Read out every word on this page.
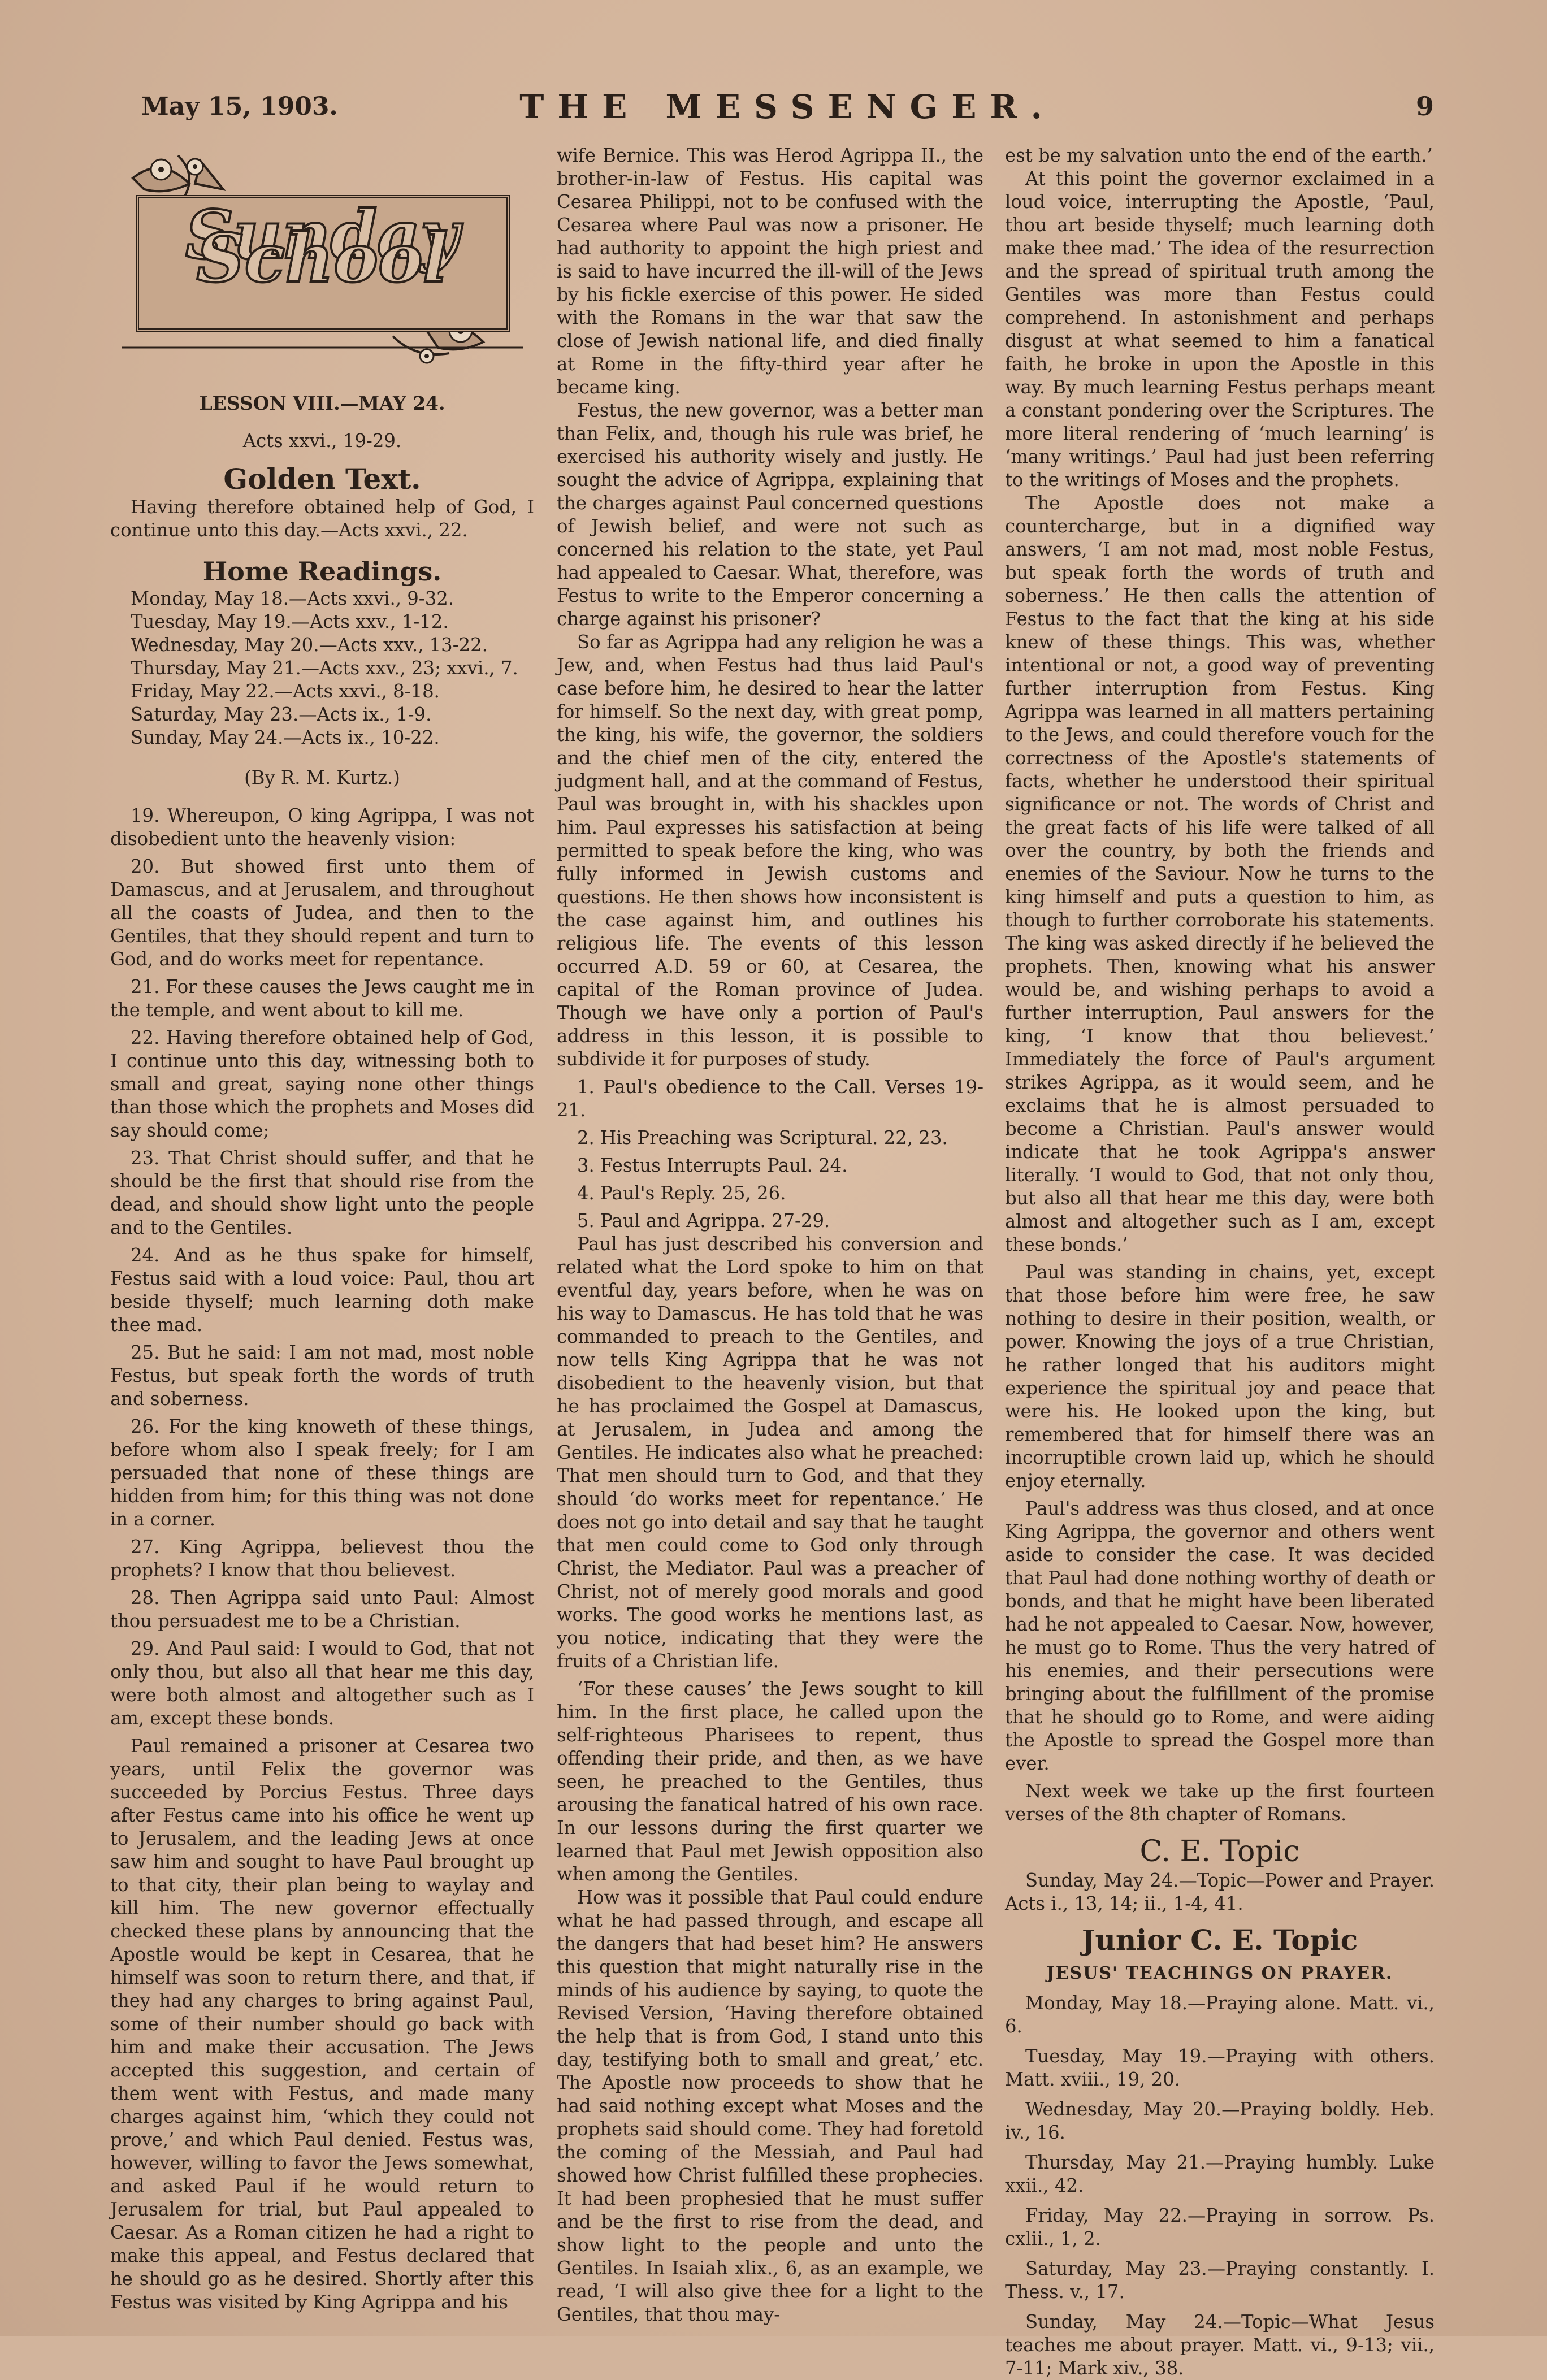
May 15, 1903.	THE MESSENGER.	9
Sunday School

LESSON VIII.—MAY 24.

Acts xxvi., 19-29.

Golden Text.

Having therefore obtained help of God, I continue unto this day.—Acts xxvi., 22.

Home Readings.

Monday, May 18.—Acts xxvi., 9-32.

Tuesday, May 19.—Acts xxv., 1-12.

Wednesday, May 20.—Acts xxv., 13-22.

Thursday, May 21.—Acts xxv., 23; xxvi., 7.

Friday, May 22.—Acts xxvi., 8-18.

Saturday, May 23.—Acts ix., 1-9.

Sunday, May 24.—Acts ix., 10-22.

(By R. M. Kurtz.)

19. Whereupon, O king Agrippa, I was not disobedient unto the heavenly vision:

20. But showed first unto them of Damascus, and at Jerusalem, and throughout all the coasts of Judea, and then to the Gentiles, that they should repent and turn to God, and do works meet for repentance.

21. For these causes the Jews caught me in the temple, and went about to kill me.

22. Having therefore obtained help of God, I continue unto this day, witnessing both to small and great, saying none other things than those which the prophets and Moses did say should come;

23. That Christ should suffer, and that he should be the first that should rise from the dead, and should show light unto the people and to the Gentiles.

24. And as he thus spake for himself, Festus said with a loud voice: Paul, thou art beside thyself; much learning doth make thee mad.

25. But he said: I am not mad, most noble Festus, but speak forth the words of truth and soberness.

26. For the king knoweth of these things, before whom also I speak freely; for I am persuaded that none of these things are hidden from him; for this thing was not done in a corner.

27. King Agrippa, believest thou the prophets? I know that thou believest.

28. Then Agrippa said unto Paul: Almost thou persuadest me to be a Christian.

29. And Paul said: I would to God, that not only thou, but also all that hear me this day, were both almost and altogether such as I am, except these bonds.

Paul remained a prisoner at Cesarea two years, until Felix the governor was succeeded by Porcius Festus. Three days after Festus came into his office he went up to Jerusalem, and the leading Jews at once saw him and sought to have Paul brought up to that city, their plan being to waylay and kill him. The new governor effectually checked these plans by announcing that the Apostle would be kept in Cesarea, that he himself was soon to return there, and that, if they had any charges to bring against Paul, some of their number should go back with him and make their accusation. The Jews accepted this suggestion, and certain of them went with Festus, and made many charges against him, ‘which they could not prove,’ and which Paul denied. Festus was, however, willing to favor the Jews somewhat, and asked Paul if he would return to Jerusalem for trial, but Paul appealed to Caesar. As a Roman citizen he had a right to make this appeal, and Festus declared that he should go as he desired. Shortly after this Festus was visited by King Agrippa and his

wife Bernice. This was Herod Agrippa II., the brother-in-law of Festus. His capital was Cesarea Philippi, not to be confused with the Cesarea where Paul was now a prisoner. He had authority to appoint the high priest and is said to have incurred the ill-will of the Jews by his fickle exercise of this power. He sided with the Romans in the war that saw the close of Jewish national life, and died finally at Rome in the fifty-third year after he became king.

Festus, the new governor, was a better man than Felix, and, though his rule was brief, he exercised his authority wisely and justly. He sought the advice of Agrippa, explaining that the charges against Paul concerned questions of Jewish belief, and were not such as concerned his relation to the state, yet Paul had appealed to Caesar. What, therefore, was Festus to write to the Emperor concerning a charge against his prisoner?

So far as Agrippa had any religion he was a Jew, and, when Festus had thus laid Paul's case before him, he desired to hear the latter for himself. So the next day, with great pomp, the king, his wife, the governor, the soldiers and the chief men of the city, entered the judgment hall, and at the command of Festus, Paul was brought in, with his shackles upon him. Paul expresses his satisfaction at being permitted to speak before the king, who was fully informed in Jewish customs and questions. He then shows how inconsistent is the case against him, and outlines his religious life. The events of this lesson occurred A.D. 59 or 60, at Cesarea, the capital of the Roman province of Judea. Though we have only a portion of Paul's address in this lesson, it is possible to subdivide it for purposes of study.

1. Paul's obedience to the Call. Verses 19-21.

2. His Preaching was Scriptural. 22, 23.

3. Festus Interrupts Paul. 24.

4. Paul's Reply. 25, 26.

5. Paul and Agrippa. 27-29.

Paul has just described his conversion and related what the Lord spoke to him on that eventful day, years before, when he was on his way to Damascus. He has told that he was commanded to preach to the Gentiles, and now tells King Agrippa that he was not disobedient to the heavenly vision, but that he has proclaimed the Gospel at Damascus, at Jerusalem, in Judea and among the Gentiles. He indicates also what he preached: That men should turn to God, and that they should ‘do works meet for repentance.’ He does not go into detail and say that he taught that men could come to God only through Christ, the Mediator. Paul was a preacher of Christ, not of merely good morals and good works. The good works he mentions last, as you notice, indicating that they were the fruits of a Christian life.

‘For these causes’ the Jews sought to kill him. In the first place, he called upon the self-righteous Pharisees to repent, thus offending their pride, and then, as we have seen, he preached to the Gentiles, thus arousing the fanatical hatred of his own race. In our lessons during the first quarter we learned that Paul met Jewish opposition also when among the Gentiles.

How was it possible that Paul could endure what he had passed through, and escape all the dangers that had beset him? He answers this question that might naturally rise in the minds of his audience by saying, to quote the Revised Version, ‘Having therefore obtained the help that is from God, I stand unto this day, testifying both to small and great,’ etc. The Apostle now proceeds to show that he had said nothing except what Moses and the prophets said should come. They had foretold the coming of the Messiah, and Paul had showed how Christ fulfilled these prophecies. It had been prophesied that he must suffer and be the first to rise from the dead, and show light to the people and unto the Gentiles. In Isaiah xlix., 6, as an example, we read, ‘I will also give thee for a light to the Gentiles, that thou may-

est be my salvation unto the end of the earth.’

At this point the governor exclaimed in a loud voice, interrupting the Apostle, ‘Paul, thou art beside thyself; much learning doth make thee mad.’ The idea of the resurrection and the spread of spiritual truth among the Gentiles was more than Festus could comprehend. In astonishment and perhaps disgust at what seemed to him a fanatical faith, he broke in upon the Apostle in this way. By much learning Festus perhaps meant a constant pondering over the Scriptures. The more literal rendering of ‘much learning’ is ‘many writings.’ Paul had just been referring to the writings of Moses and the prophets.

The Apostle does not make a countercharge, but in a dignified way answers, ‘I am not mad, most noble Festus, but speak forth the words of truth and soberness.’ He then calls the attention of Festus to the fact that the king at his side knew of these things. This was, whether intentional or not, a good way of preventing further interruption from Festus. King Agrippa was learned in all matters pertaining to the Jews, and could therefore vouch for the correctness of the Apostle's statements of facts, whether he understood their spiritual significance or not. The words of Christ and the great facts of his life were talked of all over the country, by both the friends and enemies of the Saviour. Now he turns to the king himself and puts a question to him, as though to further corroborate his statements. The king was asked directly if he believed the prophets. Then, knowing what his answer would be, and wishing perhaps to avoid a further interruption, Paul answers for the king, ‘I know that thou believest.’ Immediately the force of Paul's argument strikes Agrippa, as it would seem, and he exclaims that he is almost persuaded to become a Christian. Paul's answer would indicate that he took Agrippa's answer literally. ‘I would to God, that not only thou, but also all that hear me this day, were both almost and altogether such as I am, except these bonds.’

Paul was standing in chains, yet, except that those before him were free, he saw nothing to desire in their position, wealth, or power. Knowing the joys of a true Christian, he rather longed that his auditors might experience the spiritual joy and peace that were his. He looked upon the king, but remembered that for himself there was an incorruptible crown laid up, which he should enjoy eternally.

Paul's address was thus closed, and at once King Agrippa, the governor and others went aside to consider the case. It was decided that Paul had done nothing worthy of death or bonds, and that he might have been liberated had he not appealed to Caesar. Now, however, he must go to Rome. Thus the very hatred of his enemies, and their persecutions were bringing about the fulfillment of the promise that he should go to Rome, and were aiding the Apostle to spread the Gospel more than ever.

Next week we take up the first fourteen verses of the 8th chapter of Romans.

C. E. Topic

Sunday, May 24.—Topic—Power and Prayer. Acts i., 13, 14; ii., 1-4, 41.

Junior C. E. Topic

JESUS' TEACHINGS ON PRAYER.

Monday, May 18.—Praying alone. Matt. vi., 6.

Tuesday, May 19.—Praying with others. Matt. xviii., 19, 20.

Wednesday, May 20.—Praying boldly. Heb. iv., 16.

Thursday, May 21.—Praying humbly. Luke xxii., 42.

Friday, May 22.—Praying in sorrow. Ps. cxlii., 1, 2.

Saturday, May 23.—Praying constantly. I. Thess. v., 17.

Sunday, May 24.—Topic—What Jesus teaches me about prayer. Matt. vi., 9-13; vii., 7-11; Mark xiv., 38.
